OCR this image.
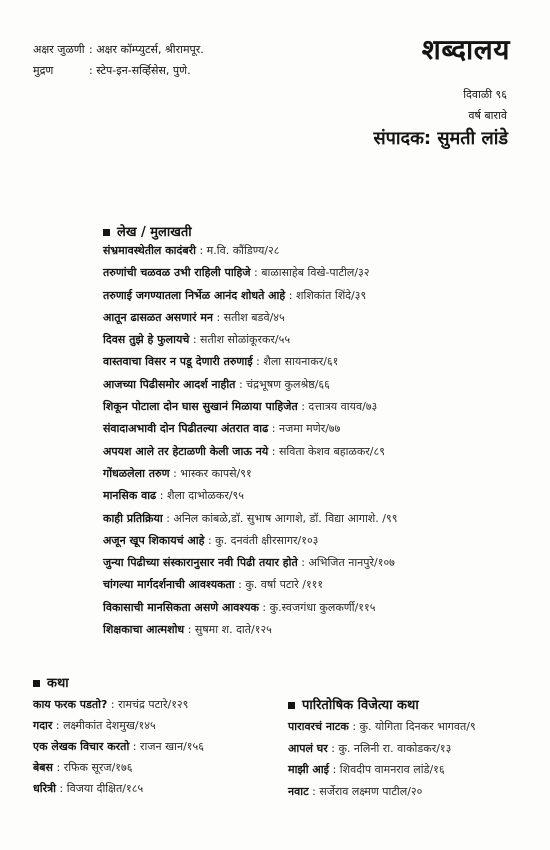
अक्षर जुळणी : अक्षर कॉम्प्युटर्स, श्रीरामपूर.
मुद्रण	: स्टेप-इन-सर्व्हिसेस, पुणे.
शब्दालय
दिवाळी ९६
वर्ष बारावे
संपादक: सुमती लांडे
लेख / मुलाखती
संभ्रमावस्थेतील कादंबरी : म.वि. कौंडिण्य/२८
तरुणांची चळवळ उभी राहिली पाहिजे : बाळासाहेब विखे-पाटील/३२
तरुणाई जगण्यातला निर्भेळ आनंद शोधते आहे : शशिकांत शिंदे/३९
आतून ढासळत असणारं मन : सतीश बडवे/४५
दिवस तुझे हे फुलायचे : सतीश सोळांकूरकर/५५
वास्तवाचा विसर न पडू देणारी तरुणाई : शैला सायनाकर/६१
आजच्या पिढीसमोर आदर्श नाहीत : चंद्रभूषण कुलश्रेष्ठ/६६
शिकून पोटाला दोन घास सुखानं मिळाया पाहिजेत : दत्तात्रय वायव/७३
संवादाअभावी दोन पिढीतल्या अंतरात वाढ : नजमा मणेर/७७
अपयश आले तर हेटाळणी केली जाऊ नये : सविता केशव बहाळकर/८९
गोंधळलेला तरुण : भास्कर कापसे/९१
मानसिक वाढ : शैला दाभोळकर/९५
काही प्रतिक्रिया : अनिल कांबळे,डॉ. सुभाष आगाशे, डॉ. विद्या आगाशे. /९९
अजून खूप शिकायचं आहे : कु. दनवंती क्षीरसागर/१०३
जुन्या पिढीच्या संस्कारानुसार नवी पिढी तयार होते : अभिजित नानपुरे/१०७
चांगल्या मार्गदर्शनाची आवश्यकता : कु. वर्षा पटारे /१११
विकासाची मानसिकता असणे आवश्यक : कु.स्वजगंधा कुलकर्णी/११५
शिक्षकाचा आत्मशोध : सुषमा श. दाते/१२५
कथा
काय फरक पडतो? : रामचंद्र पटारे/१२९
गदार : लक्ष्मीकांत देशमुख/१४५
एक लेखक विचार करतो : राजन खान/१५६
बेबस : रफिक सूरज/१७६
धरित्री : विजया दीक्षित/१८५
पारितोषिक विजेत्या कथा
पारावरचं नाटक : कु. योगिता दिनकर भागवत/९
आपलं घर : कु. नलिनी रा. वाकोडकर/१३
माझी आई : शिवदीप वामनराव लांडे/१६
नवाट : सर्जेराव लक्ष्मण पाटील/२०
